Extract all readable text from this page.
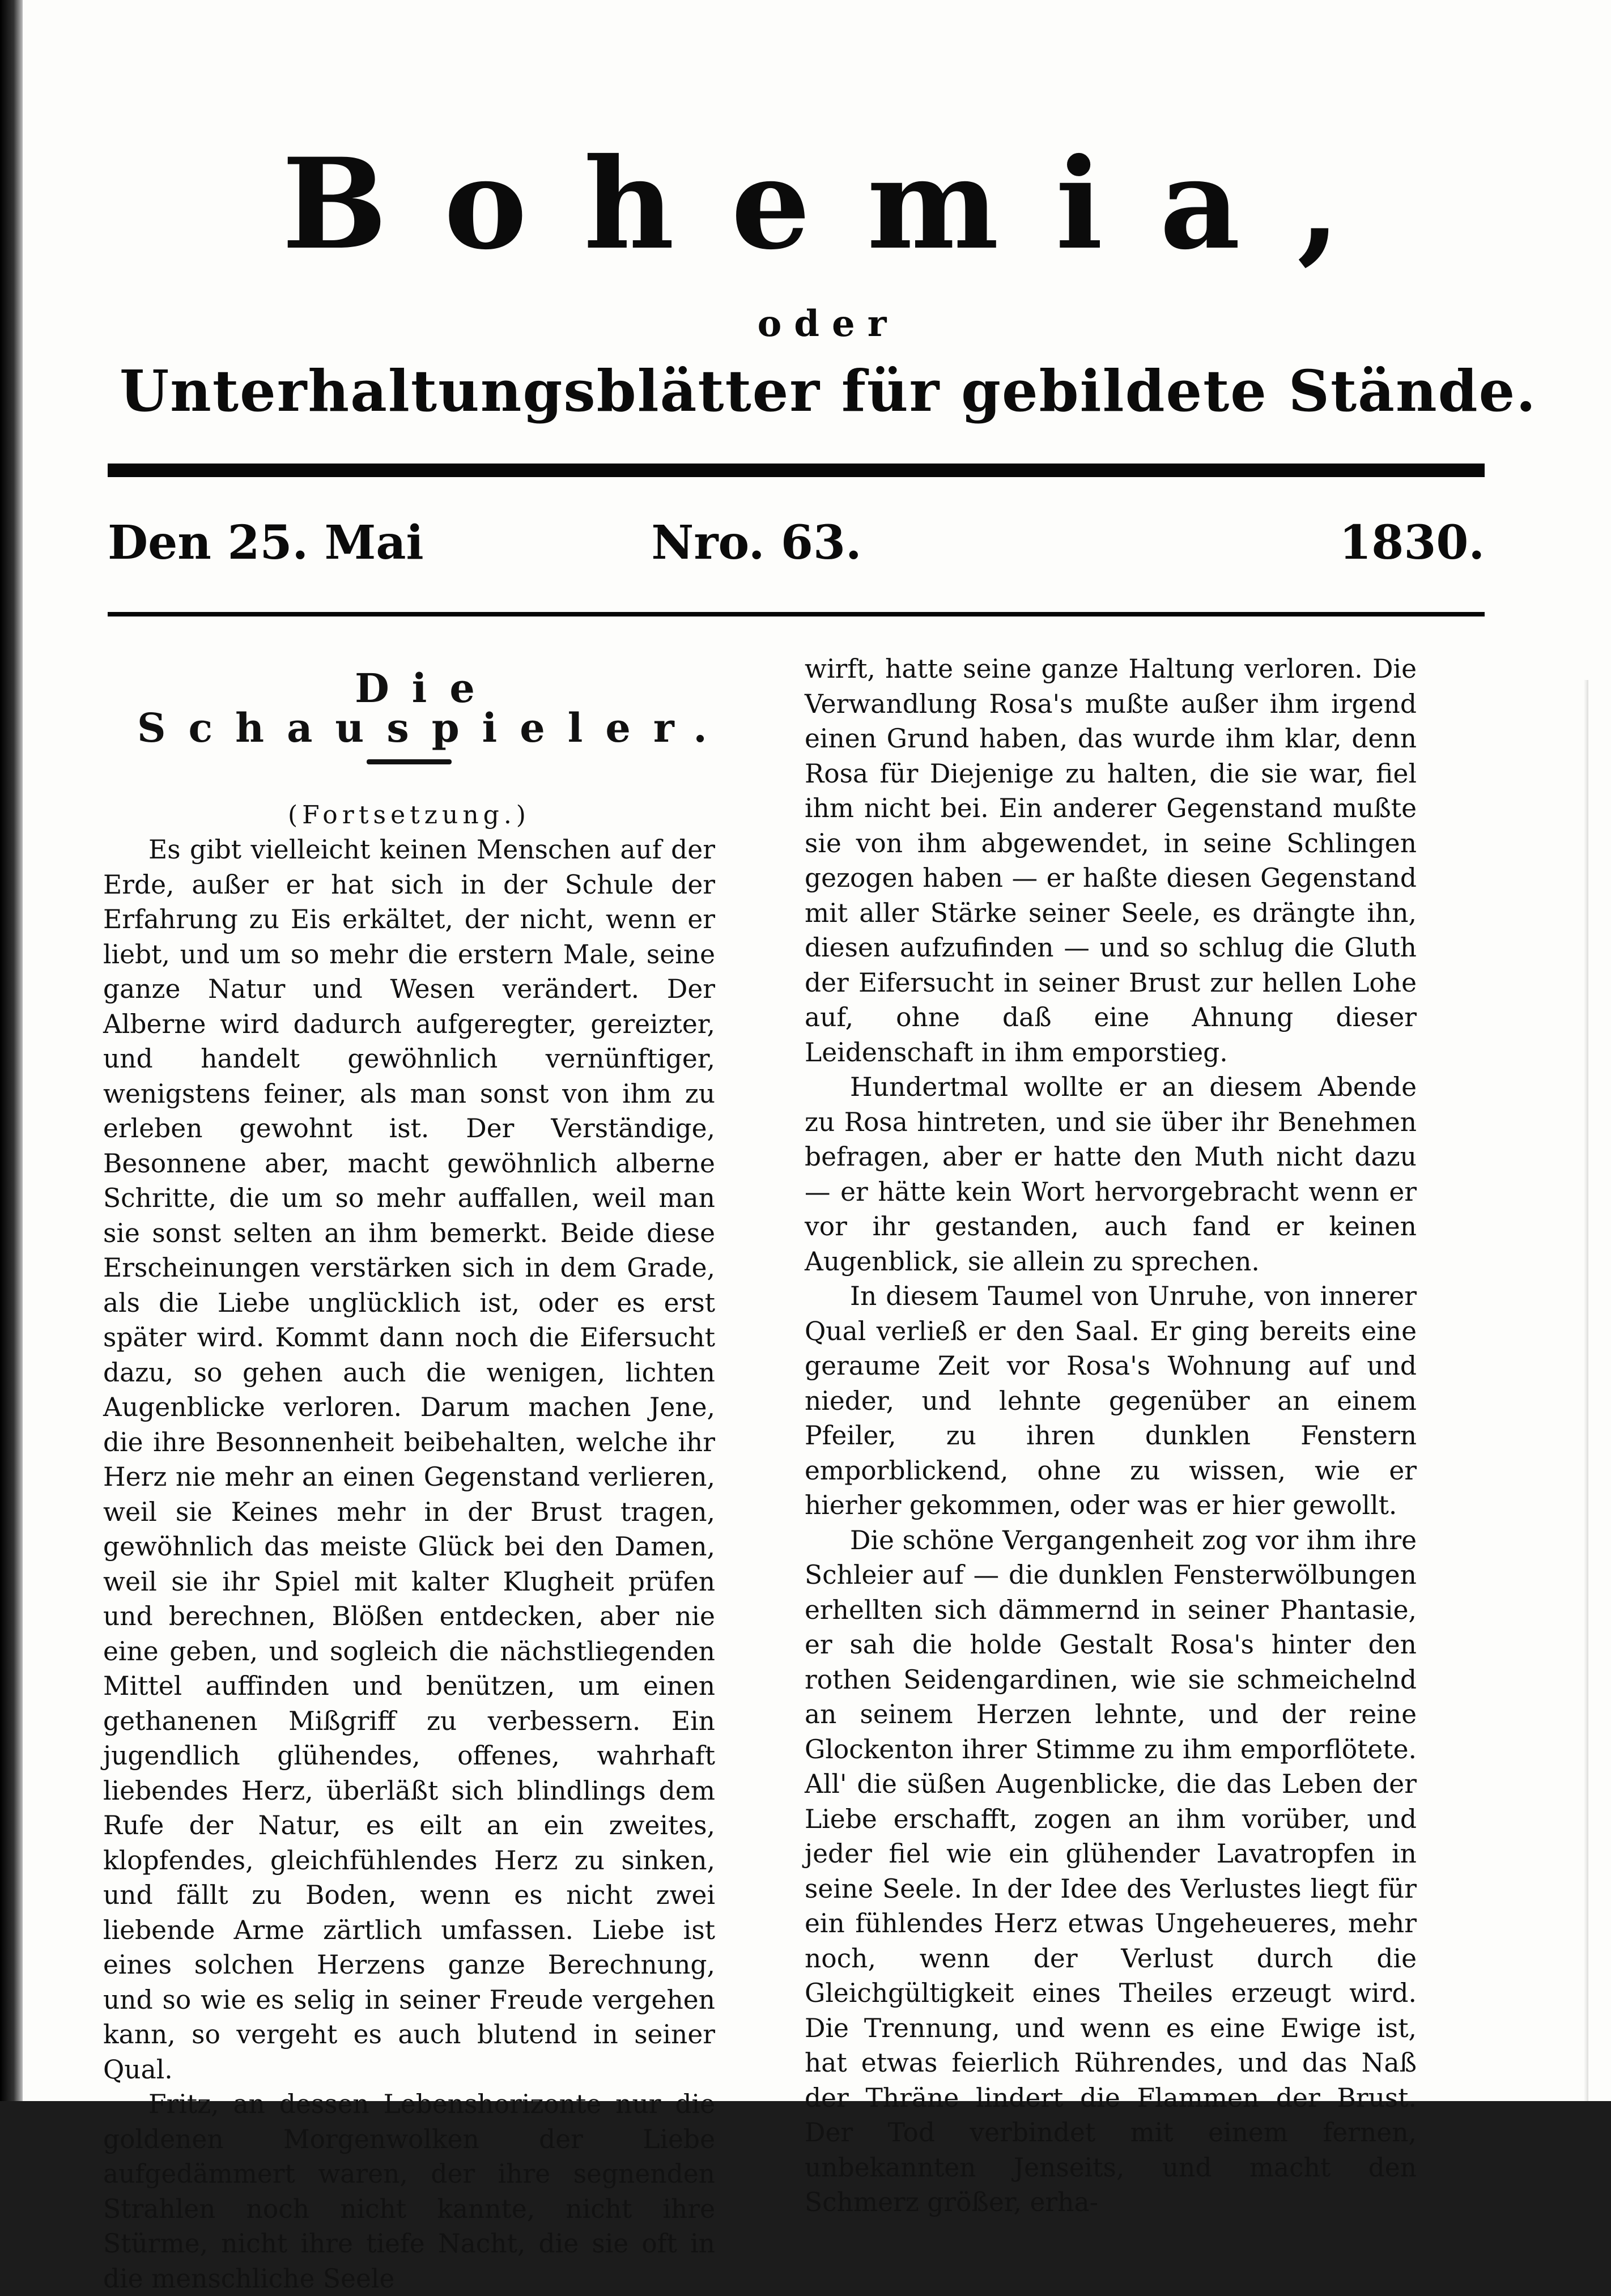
Bohemia,
oder
Unterhaltungsblätter für gebildete Stände.
Den 25. Mai	Nro. 63.	1830.
Die Schauspieler.
(Fortsetzung.)

Es gibt vielleicht keinen Menschen auf der Erde, außer er hat sich in der Schule der Erfahrung zu Eis erkältet, der nicht, wenn er liebt, und um so mehr die erstern Male, seine ganze Natur und Wesen verändert. Der Alberne wird dadurch aufgeregter, gereizter, und handelt gewöhnlich vernünftiger, wenigstens feiner, als man sonst von ihm zu erleben gewohnt ist. Der Verständige, Besonnene aber, macht gewöhnlich alberne Schritte, die um so mehr auffallen, weil man sie sonst selten an ihm bemerkt. Beide diese Erscheinungen verstärken sich in dem Grade, als die Liebe unglücklich ist, oder es erst später wird. Kommt dann noch die Eifersucht dazu, so gehen auch die wenigen, lichten Augenblicke verloren. Darum machen Jene, die ihre Besonnenheit beibehalten, welche ihr Herz nie mehr an einen Gegenstand verlieren, weil sie Keines mehr in der Brust tragen, gewöhnlich das meiste Glück bei den Damen, weil sie ihr Spiel mit kalter Klugheit prüfen und berechnen, Blößen entdecken, aber nie eine geben, und sogleich die nächstliegenden Mittel auffinden und benützen, um einen gethanenen Mißgriff zu verbessern. Ein jugendlich glühendes, offenes, wahrhaft liebendes Herz, überläßt sich blindlings dem Rufe der Natur, es eilt an ein zweites, klopfendes, gleichfühlendes Herz zu sinken, und fällt zu Boden, wenn es nicht zwei liebende Arme zärtlich umfassen. Liebe ist eines solchen Herzens ganze Berechnung, und so wie es selig in seiner Freude vergehen kann, so vergeht es auch blutend in seiner Qual.

Fritz, an dessen Lebenshorizonte nur die goldenen Morgenwolken der Liebe aufgedämmert waren, der ihre segnenden Strahlen noch nicht kannte, nicht ihre Stürme, nicht ihre tiefe Nacht, die sie oft in die menschliche Seele

wirft, hatte seine ganze Haltung verloren. Die Verwandlung Rosa's mußte außer ihm irgend einen Grund haben, das wurde ihm klar, denn Rosa für Diejenige zu halten, die sie war, fiel ihm nicht bei. Ein anderer Gegenstand mußte sie von ihm abgewendet, in seine Schlingen gezogen haben — er haßte diesen Gegenstand mit aller Stärke seiner Seele, es drängte ihn, diesen aufzufinden — und so schlug die Gluth der Eifersucht in seiner Brust zur hellen Lohe auf, ohne daß eine Ahnung dieser Leidenschaft in ihm emporstieg.

Hundertmal wollte er an diesem Abende zu Rosa hintreten, und sie über ihr Benehmen befragen, aber er hatte den Muth nicht dazu — er hätte kein Wort hervorgebracht wenn er vor ihr gestanden, auch fand er keinen Augenblick, sie allein zu sprechen.

In diesem Taumel von Unruhe, von innerer Qual verließ er den Saal. Er ging bereits eine geraume Zeit vor Rosa's Wohnung auf und nieder, und lehnte gegenüber an einem Pfeiler, zu ihren dunklen Fenstern emporblickend, ohne zu wissen, wie er hierher gekommen, oder was er hier gewollt.

Die schöne Vergangenheit zog vor ihm ihre Schleier auf — die dunklen Fensterwölbungen erhellten sich dämmernd in seiner Phantasie, er sah die holde Gestalt Rosa's hinter den rothen Seidengardinen, wie sie schmeichelnd an seinem Herzen lehnte, und der reine Glockenton ihrer Stimme zu ihm emporflötete. All' die süßen Augenblicke, die das Leben der Liebe erschafft, zogen an ihm vorüber, und jeder fiel wie ein glühender Lavatropfen in seine Seele. In der Idee des Verlustes liegt für ein fühlendes Herz etwas Ungeheueres, mehr noch, wenn der Verlust durch die Gleichgültigkeit eines Theiles erzeugt wird. Die Trennung, und wenn es eine Ewige ist, hat etwas feierlich Rührendes, und das Naß der Thräne lindert die Flammen der Brust. Der Tod verbindet mit einem fernen, unbekannten Jenseits, und macht den Schmerz größer, erha-
